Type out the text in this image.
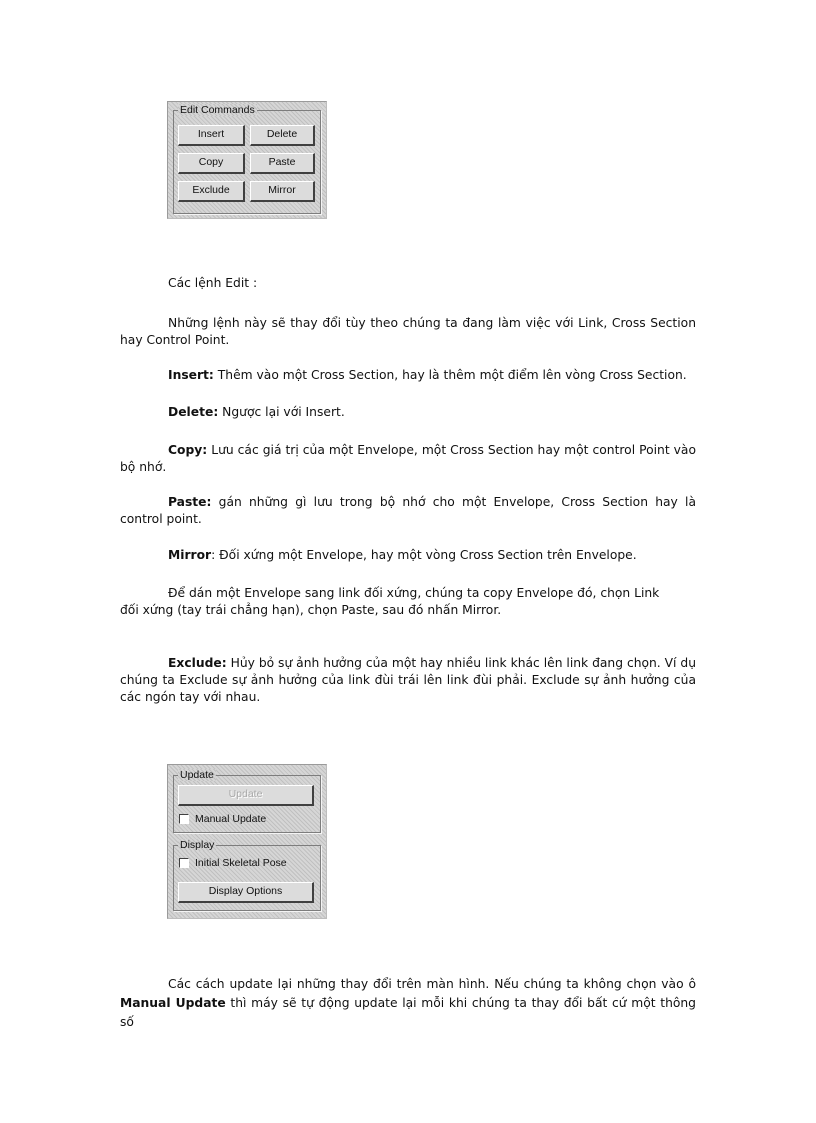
Edit Commands
Insert	Delete
Copy	Paste
Exclude	Mirror

Các lệnh Edit :

Những lệnh này sẽ thay đổi tùy theo chúng ta đang làm việc với Link, Cross Section hay Control Point.

Insert: Thêm vào một Cross Section, hay là thêm một điểm lên vòng Cross Section.

Delete: Ngược lại với Insert.

Copy: Lưu các giá trị của một Envelope, một Cross Section hay một control Point vào bộ nhớ.

Paste: gán những gì lưu trong bộ nhớ cho một Envelope, Cross Section hay là control point.

Mirror: Đối xứng một Envelope, hay một vòng Cross Section trên Envelope.

Để dán một Envelope sang link đối xứng, chúng ta copy Envelope đó, chọn Link đối xứng (tay trái chẳng hạn), chọn Paste, sau đó nhấn Mirror.

Exclude: Hủy bỏ sự ảnh hưởng của một hay nhiều link khác lên link đang chọn. Ví dụ chúng ta Exclude sự ảnh hưởng của link đùi trái lên link đùi phải. Exclude sự ảnh hưởng của các ngón tay với nhau.

Update
Update
Manual Update
Display
Initial Skeletal Pose
Display Options

Các cách update lại những thay đổi trên màn hình. Nếu chúng ta không chọn vào ô Manual Update thì máy sẽ tự động update lại mỗi khi chúng ta thay đổi bất cứ một thông số
